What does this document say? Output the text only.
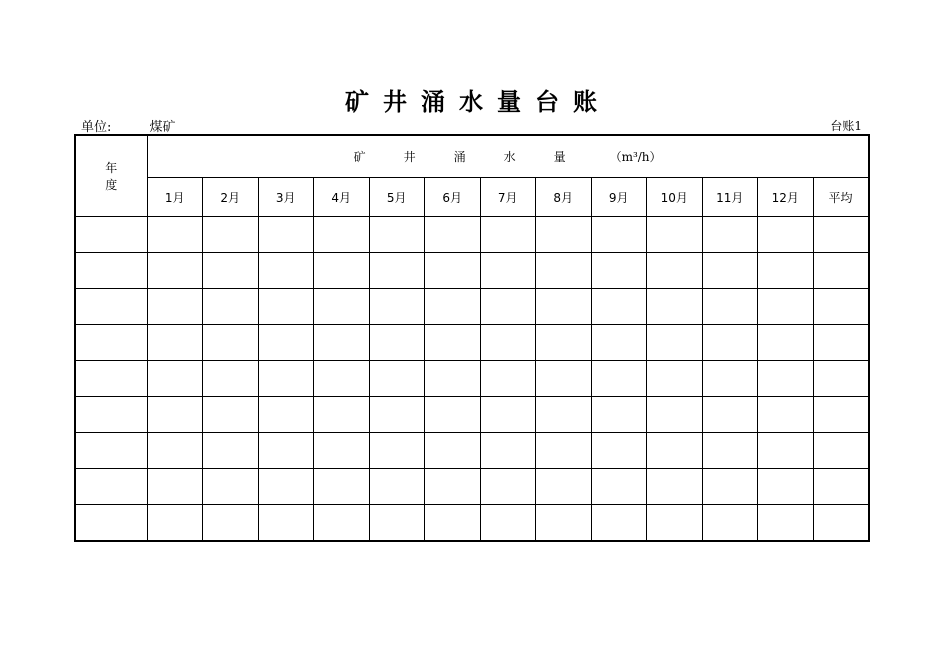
矿井涌水量台账
单位:	煤矿	台账1
年 度	矿井涌水量 （m³/h）												
	1月	2月	3月	4月	5月	6月	7月	8月	9月	10月	11月	12月	平均
